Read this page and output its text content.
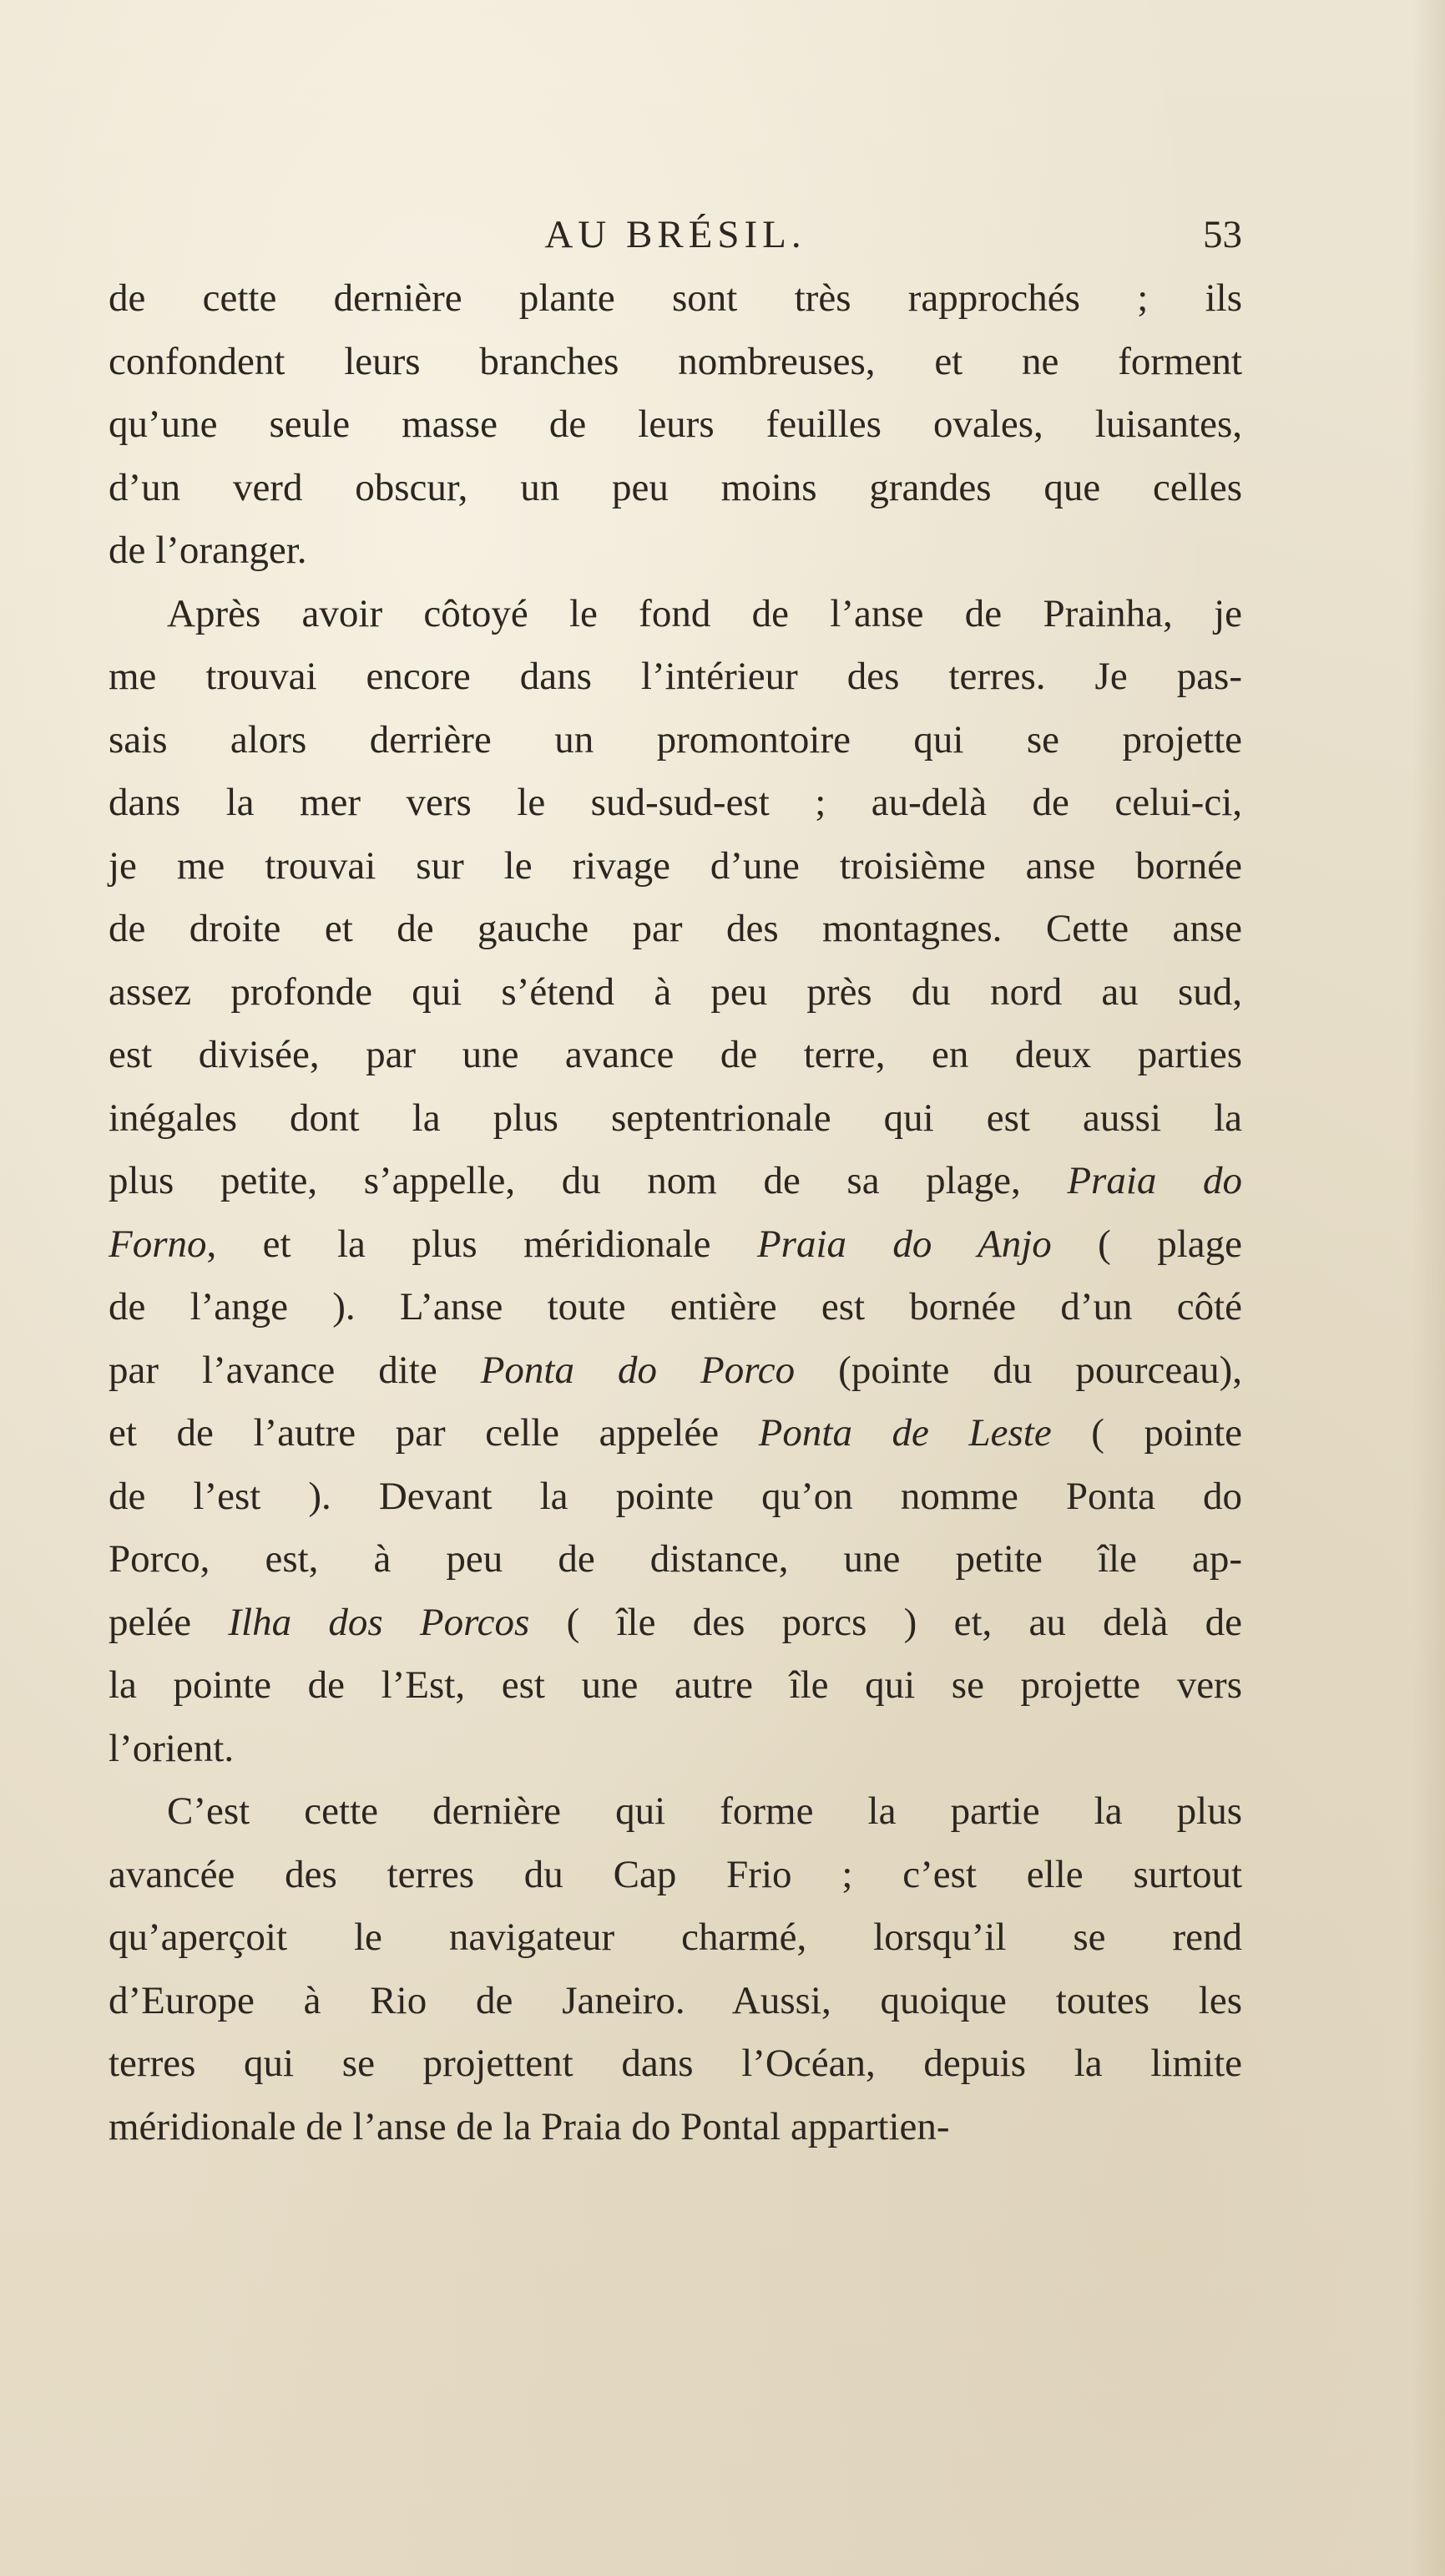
AU BRÉSIL.	53
de cette dernière plante sont très rapprochés ; ils
confondent leurs branches nombreuses, et ne forment
qu’une seule masse de leurs feuilles ovales, luisantes,
d’un verd obscur, un peu moins grandes que celles
de l’oranger.
Après avoir côtoyé le fond de l’anse de Prainha, je
me trouvai encore dans l’intérieur des terres. Je pas-
sais alors derrière un promontoire qui se projette
dans la mer vers le sud-sud-est ; au-delà de celui-ci,
je me trouvai sur le rivage d’une troisième anse bornée
de droite et de gauche par des montagnes. Cette anse
assez profonde qui s’étend à peu près du nord au sud,
est divisée, par une avance de terre, en deux parties
inégales dont la plus septentrionale qui est aussi la
plus petite, s’appelle, du nom de sa plage, Praia do
Forno, et la plus méridionale Praia do Anjo ( plage
de l’ange ). L’anse toute entière est bornée d’un côté
par l’avance dite Ponta do Porco (pointe du pourceau),
et de l’autre par celle appelée Ponta de Leste ( pointe
de l’est ). Devant la pointe qu’on nomme Ponta do
Porco, est, à peu de distance, une petite île ap-
pelée Ilha dos Porcos ( île des porcs ) et, au delà de
la pointe de l’Est, est une autre île qui se projette vers
l’orient.
C’est cette dernière qui forme la partie la plus
avancée des terres du Cap Frio ; c’est elle surtout
qu’aperçoit le navigateur charmé, lorsqu’il se rend
d’Europe à Rio de Janeiro. Aussi, quoique toutes les
terres qui se projettent dans l’Océan, depuis la limite
méridionale de l’anse de la Praia do Pontal appartien-
